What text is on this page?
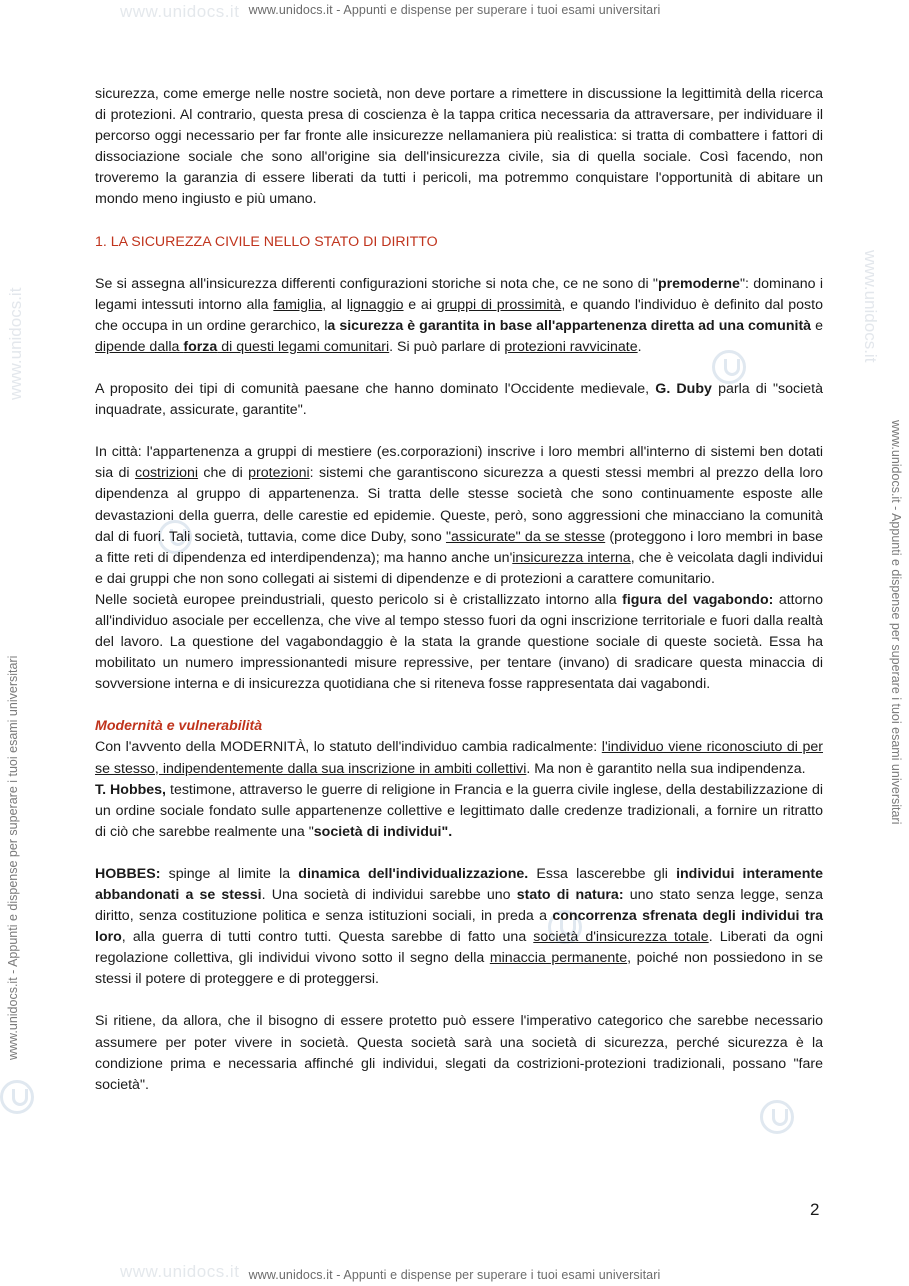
www.unidocs.it www.unidocs.it - Appunti e dispense per superare i tuoi esami universitari
www.unidocs.it www.unidocs.it - Appunti e dispense per superare i tuoi esami universitari
www.unidocs.it - Appunti e dispense per superare i tuoi esami universitari
www.unidocs.it - Appunti e dispense per superare i tuoi esami universitari
www.unidocs.it	www.unidocs.it

sicurezza, come emerge nelle nostre società, non deve portare a rimettere in discussione la legittimità della ricerca di protezioni. Al contrario, questa presa di coscienza è la tappa critica necessaria da attraversare, per individuare il percorso oggi necessario per far fronte alle insicurezze nellamaniera più realistica: si tratta di combattere i fattori di dissociazione sociale che sono all'origine sia dell'insicurezza civile, sia di quella sociale. Così facendo, non troveremo la garanzia di essere liberati da tutti i pericoli, ma potremmo conquistare l'opportunità di abitare un mondo meno ingiusto e più umano.

1. LA SICUREZZA CIVILE NELLO STATO DI DIRITTO

Se si assegna all'insicurezza differenti configurazioni storiche si nota che, ce ne sono di "premoderne": dominano i legami intessuti intorno alla famiglia, al lignaggio e ai gruppi di prossimità, e quando l'individuo è definito dal posto che occupa in un ordine gerarchico, la sicurezza è garantita in base all'appartenenza diretta ad una comunità e dipende dalla forza di questi legami comunitari. Si può parlare di protezioni ravvicinate.

A proposito dei tipi di comunità paesane che hanno dominato l'Occidente medievale, G. Duby parla di "società inquadrate, assicurate, garantite".

In città: l'appartenenza a gruppi di mestiere (es.corporazioni) inscrive i loro membri all'interno di sistemi ben dotati sia di costrizioni che di protezioni: sistemi che garantiscono sicurezza a questi stessi membri al prezzo della loro dipendenza al gruppo di appartenenza. Si tratta delle stesse società che sono continuamente esposte alle devastazioni della guerra, delle carestie ed epidemie. Queste, però, sono aggressioni che minacciano la comunità dal di fuori. Tali società, tuttavia, come dice Duby, sono "assicurate" da se stesse (proteggono i loro membri in base a fitte reti di dipendenza ed interdipendenza); ma hanno anche un'insicurezza interna, che è veicolata dagli individui e dai gruppi che non sono collegati ai sistemi di dipendenze e di protezioni a carattere comunitario.

Nelle società europee preindustriali, questo pericolo si è cristallizzato intorno alla figura del vagabondo: attorno all'individuo asociale per eccellenza, che vive al tempo stesso fuori da ogni inscrizione territoriale e fuori dalla realtà del lavoro. La questione del vagabondaggio è la stata la grande questione sociale di queste società. Essa ha mobilitato un numero impressionantedi misure repressive, per tentare (invano) di sradicare questa minaccia di sovversione interna e di insicurezza quotidiana che si riteneva fosse rappresentata dai vagabondi.

Modernità e vulnerabilità

Con l'avvento della MODERNITÀ, lo statuto dell'individuo cambia radicalmente: l'individuo viene riconosciuto di per se stesso, indipendentemente dalla sua inscrizione in ambiti collettivi. Ma non è garantito nella sua indipendenza.

T. Hobbes, testimone, attraverso le guerre di religione in Francia e la guerra civile inglese, della destabilizzazione di un ordine sociale fondato sulle appartenenze collettive e legittimato dalle credenze tradizionali, a fornire un ritratto di ciò che sarebbe realmente una "società di individui".

HOBBES: spinge al limite la dinamica dell'individualizzazione. Essa lascerebbe gli individui interamente abbandonati a se stessi. Una società di individui sarebbe uno stato di natura: uno stato senza legge, senza diritto, senza costituzione politica e senza istituzioni sociali, in preda a concorrenza sfrenata degli individui tra loro, alla guerra di tutti contro tutti. Questa sarebbe di fatto una società d'insicurezza totale. Liberati da ogni regolazione collettiva, gli individui vivono sotto il segno della minaccia permanente, poiché non possiedono in se stessi il potere di proteggere e di proteggersi.

Si ritiene, da allora, che il bisogno di essere protetto può essere l'imperativo categorico che sarebbe necessario assumere per poter vivere in società. Questa società sarà una società di sicurezza, perché sicurezza è la condizione prima e necessaria affinché gli individui, slegati da costrizioni-protezioni tradizionali, possano "fare società".

2
